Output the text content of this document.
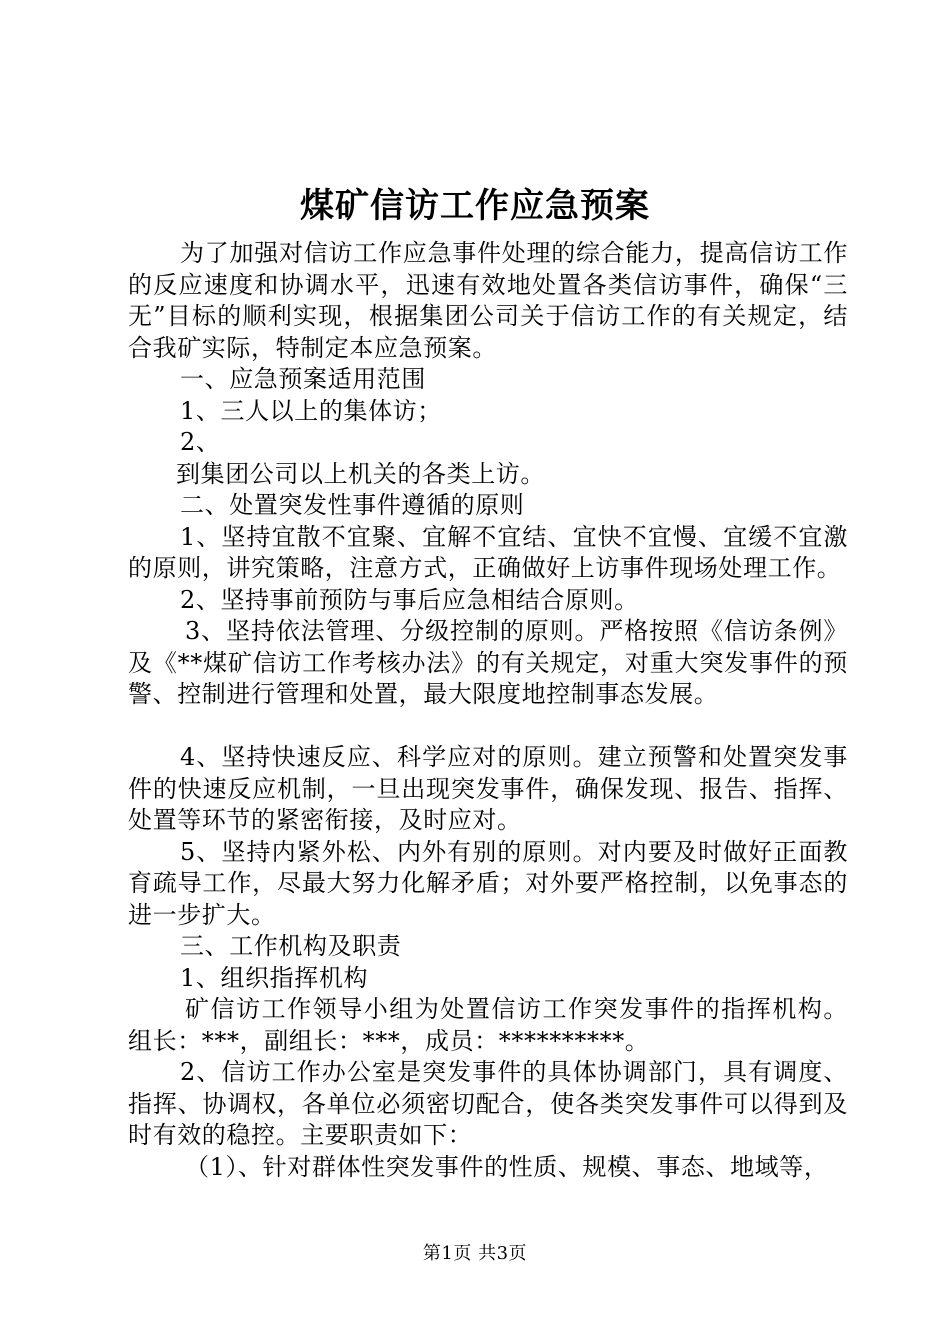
煤矿信访工作应急预案

为了加强对信访工作应急事件处理的综合能力，提高信访工作的反应速度和协调水平，迅速有效地处置各类信访事件，确保“三无”目标的顺利实现，根据集团公司关于信访工作的有关规定，结合我矿实际，特制定本应急预案。

一、应急预案适用范围

1、三人以上的集体访；

2、

到集团公司以上机关的各类上访。

二、处置突发性事件遵循的原则

1、坚持宜散不宜聚、宜解不宜结、宜快不宜慢、宜缓不宜激的原则，讲究策略，注意方式，正确做好上访事件现场处理工作。

2、坚持事前预防与事后应急相结合原则。

3、坚持依法管理、分级控制的原则。严格按照《信访条例》及《**煤矿信访工作考核办法》的有关规定，对重大突发事件的预警、控制进行管理和处置，最大限度地控制事态发展。

4、坚持快速反应、科学应对的原则。建立预警和处置突发事件的快速反应机制，一旦出现突发事件，确保发现、报告、指挥、处置等环节的紧密衔接，及时应对。

5、坚持内紧外松、内外有别的原则。对内要及时做好正面教育疏导工作，尽最大努力化解矛盾；对外要严格控制，以免事态的进一步扩大。

三、工作机构及职责

1、组织指挥机构

矿信访工作领导小组为处置信访工作突发事件的指挥机构。组长：***，副组长：***，成员：**********。

2、信访工作办公室是突发事件的具体协调部门，具有调度、指挥、协调权，各单位必须密切配合，使各类突发事件可以得到及时有效的稳控。主要职责如下：

（1）、针对群体性突发事件的性质、规模、事态、地域等，

第1页 共3页
